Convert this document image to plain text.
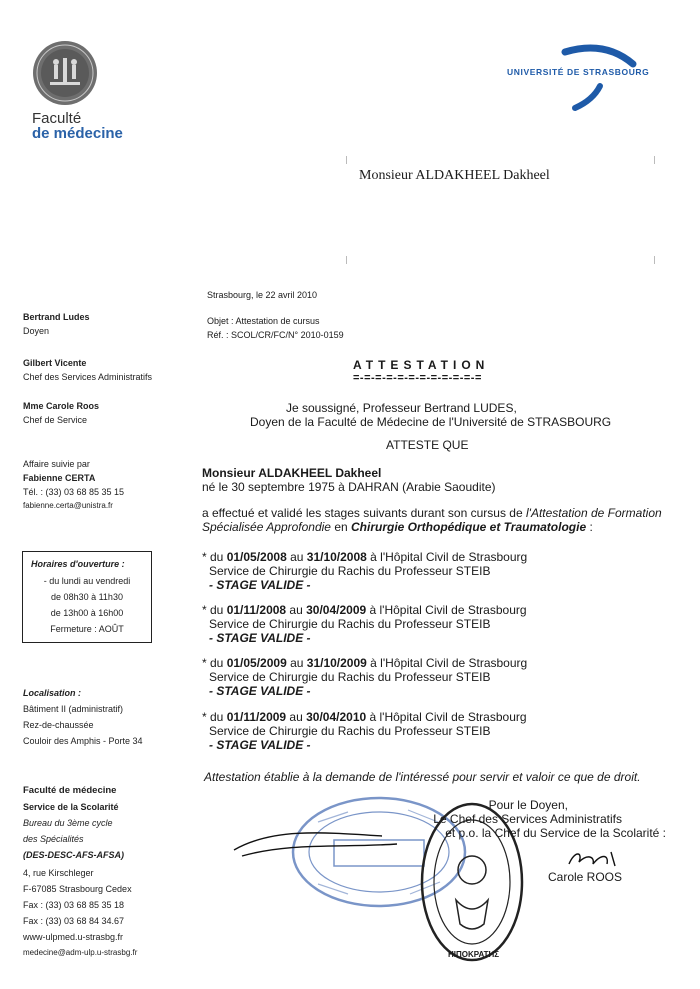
Faculté
de médecine
UNIVERSITÉ DE STRASBOURG
Monsieur ALDAKHEEL Dakheel
Strasbourg, le 22 avril 2010
Objet : Attestation de cursus
Réf. : SCOL/CR/FC/N° 2010-0159
Bertrand Ludes
Doyen
Gilbert Vicente
Chef des Services Administratifs
Mme Carole Roos
Chef de Service
Affaire suivie par
Fabienne CERTA
Tél. : (33) 03 68 85 35 15
fabienne.certa@unistra.fr
Horaires d'ouverture :
- du lundi au vendredi
de 08h30 à 11h30
de 13h00 à 16h00
Fermeture : AOÛT
Localisation :
Bâtiment II (administratif)
Rez-de-chaussée
Couloir des Amphis - Porte 34
Faculté de médecine
Service de la Scolarité
Bureau du 3ème cycle
des Spécialités
(DES-DESC-AFS-AFSA)
4, rue Kirschleger
F-67085 Strasbourg Cedex
Fax : (33) 03 68 85 35 18
Fax : (33) 03 68 84 34.67
www-ulpmed.u-strasbg.fr
medecine@adm-ulp.u-strasbg.fr
ATTESTATION
=-=-=-=-=-=-=-=-=-=-=-=
Je soussigné, Professeur Bertrand LUDES,
Doyen de la Faculté de Médecine de l'Université de STRASBOURG
ATTESTE QUE
Monsieur ALDAKHEEL Dakheel
né le 30 septembre 1975 à DAHRAN (Arabie Saoudite)
a effectué et validé les stages suivants durant son cursus de l'Attestation de Formation
Spécialisée Approfondie en Chirurgie Orthopédique et Traumatologie :
* du 01/05/2008 au 31/10/2008 à l'Hôpital Civil de Strasbourg
Service de Chirurgie du Rachis du Professeur STEIB
- STAGE VALIDE -
* du 01/11/2008 au 30/04/2009 à l'Hôpital Civil de Strasbourg
Service de Chirurgie du Rachis du Professeur STEIB
- STAGE VALIDE -
* du 01/05/2009 au 31/10/2009 à l'Hôpital Civil de Strasbourg
Service de Chirurgie du Rachis du Professeur STEIB
- STAGE VALIDE -
* du 01/11/2009 au 30/04/2010 à l'Hôpital Civil de Strasbourg
Service de Chirurgie du Rachis du Professeur STEIB
- STAGE VALIDE -
Attestation établie à la demande de l'intéressé pour servir et valoir ce que de droit.
ΗΙΠΟΚΡΑΤΗΣ
Pour le Doyen,
Le Chef des Services Administratifs
et p.o. la Chef du Service de la Scolarité :
Carole ROOS
